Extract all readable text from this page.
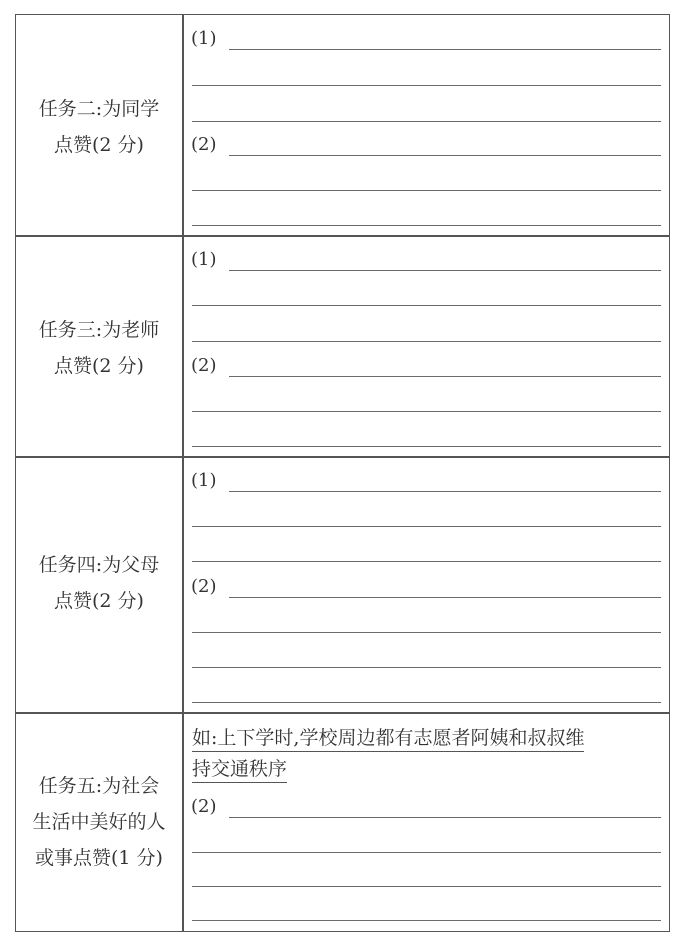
任务二:为同学
点赞(2 分)
(1)
(2)
任务三:为老师
点赞(2 分)
(1)
(2)
任务四:为父母
点赞(2 分)
(1)
(2)
任务五:为社会
生活中美好的人
或事点赞(1 分)
如:上下学时,学校周边都有志愿者阿姨和叔叔维
持交通秩序
(2)
